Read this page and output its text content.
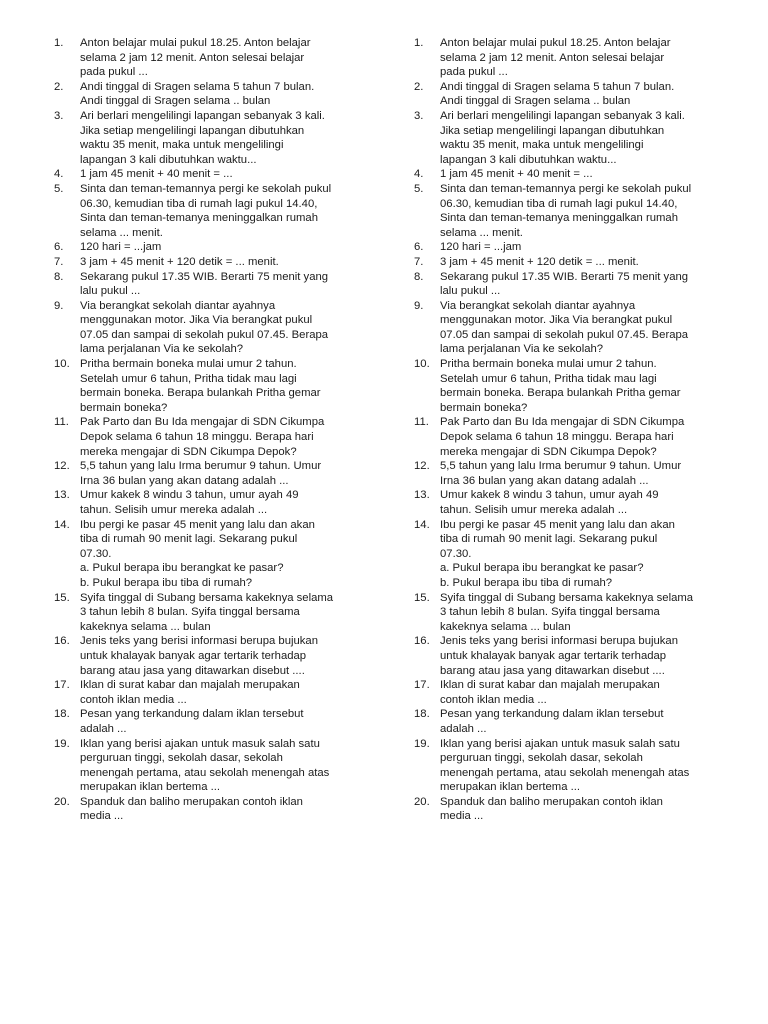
1.	Anton belajar mulai pukul 18.25. Anton belajar
selama 2 jam 12 menit. Anton selesai belajar
pada pukul ...
2.	Andi tinggal di Sragen selama 5 tahun 7 bulan.
Andi tinggal di Sragen selama .. bulan
3.	Ari berlari mengelilingi lapangan sebanyak 3 kali.
Jika setiap mengelilingi lapangan dibutuhkan
waktu 35 menit, maka untuk mengelilingi
lapangan 3 kali dibutuhkan waktu...
4.	1 jam 45 menit + 40 menit = ...
5.	Sinta dan teman-temannya pergi ke sekolah pukul
06.30, kemudian tiba di rumah lagi pukul 14.40,
Sinta dan teman-temanya meninggalkan rumah
selama ... menit.
6.	120 hari = ...jam
7.	3 jam + 45 menit + 120 detik = ... menit.
8.	Sekarang pukul 17.35 WIB. Berarti 75 menit yang
lalu pukul ...
9.	Via berangkat sekolah diantar ayahnya
menggunakan motor. Jika Via berangkat pukul
07.05 dan sampai di sekolah pukul 07.45. Berapa
lama perjalanan Via ke sekolah?
10. Pritha bermain boneka mulai umur 2 tahun.
Setelah umur 6 tahun, Pritha tidak mau lagi
bermain boneka. Berapa bulankah Pritha gemar
bermain boneka?
11. Pak Parto dan Bu Ida mengajar di SDN Cikumpa
Depok selama 6 tahun 18 minggu. Berapa hari
mereka mengajar di SDN Cikumpa Depok?
12. 5,5 tahun yang lalu Irma berumur 9 tahun. Umur
Irna 36 bulan yang akan datang adalah ...
13. Umur kakek 8 windu 3 tahun, umur ayah 49
tahun. Selisih umur mereka adalah ...
14. Ibu pergi ke pasar 45 menit yang lalu dan akan
tiba di rumah 90 menit lagi. Sekarang pukul
07.30.
a. Pukul berapa ibu berangkat ke pasar?
b. Pukul berapa ibu tiba di rumah?
15. Syifa tinggal di Subang bersama kakeknya selama
3 tahun lebih 8 bulan. Syifa tinggal bersama
kakeknya selama ... bulan
16. Jenis teks yang berisi informasi berupa bujukan
untuk khalayak banyak agar tertarik terhadap
barang atau jasa yang ditawarkan disebut ....
17. Iklan di surat kabar dan majalah merupakan
contoh iklan media ...
18. Pesan yang terkandung dalam iklan tersebut
adalah ...
19. Iklan yang berisi ajakan untuk masuk salah satu
perguruan tinggi, sekolah dasar, sekolah
menengah pertama, atau sekolah menengah atas
merupakan iklan bertema ...
20. Spanduk dan baliho merupakan contoh iklan
media ...
1.	Anton belajar mulai pukul 18.25. Anton belajar
selama 2 jam 12 menit. Anton selesai belajar
pada pukul ...
2.	Andi tinggal di Sragen selama 5 tahun 7 bulan.
Andi tinggal di Sragen selama .. bulan
3.	Ari berlari mengelilingi lapangan sebanyak 3 kali.
Jika setiap mengelilingi lapangan dibutuhkan
waktu 35 menit, maka untuk mengelilingi
lapangan 3 kali dibutuhkan waktu...
4.	1 jam 45 menit + 40 menit = ...
5.	Sinta dan teman-temannya pergi ke sekolah pukul
06.30, kemudian tiba di rumah lagi pukul 14.40,
Sinta dan teman-temanya meninggalkan rumah
selama ... menit.
6.	120 hari = ...jam
7.	3 jam + 45 menit + 120 detik = ... menit.
8.	Sekarang pukul 17.35 WIB. Berarti 75 menit yang
lalu pukul ...
9.	Via berangkat sekolah diantar ayahnya
menggunakan motor. Jika Via berangkat pukul
07.05 dan sampai di sekolah pukul 07.45. Berapa
lama perjalanan Via ke sekolah?
10. Pritha bermain boneka mulai umur 2 tahun.
Setelah umur 6 tahun, Pritha tidak mau lagi
bermain boneka. Berapa bulankah Pritha gemar
bermain boneka?
11. Pak Parto dan Bu Ida mengajar di SDN Cikumpa
Depok selama 6 tahun 18 minggu. Berapa hari
mereka mengajar di SDN Cikumpa Depok?
12. 5,5 tahun yang lalu Irma berumur 9 tahun. Umur
Irna 36 bulan yang akan datang adalah ...
13. Umur kakek 8 windu 3 tahun, umur ayah 49
tahun. Selisih umur mereka adalah ...
14. Ibu pergi ke pasar 45 menit yang lalu dan akan
tiba di rumah 90 menit lagi. Sekarang pukul
07.30.
a. Pukul berapa ibu berangkat ke pasar?
b. Pukul berapa ibu tiba di rumah?
15. Syifa tinggal di Subang bersama kakeknya selama
3 tahun lebih 8 bulan. Syifa tinggal bersama
kakeknya selama ... bulan
16. Jenis teks yang berisi informasi berupa bujukan
untuk khalayak banyak agar tertarik terhadap
barang atau jasa yang ditawarkan disebut ....
17. Iklan di surat kabar dan majalah merupakan
contoh iklan media ...
18. Pesan yang terkandung dalam iklan tersebut
adalah ...
19. Iklan yang berisi ajakan untuk masuk salah satu
perguruan tinggi, sekolah dasar, sekolah
menengah pertama, atau sekolah menengah atas
merupakan iklan bertema ...
20. Spanduk dan baliho merupakan contoh iklan
media ...
